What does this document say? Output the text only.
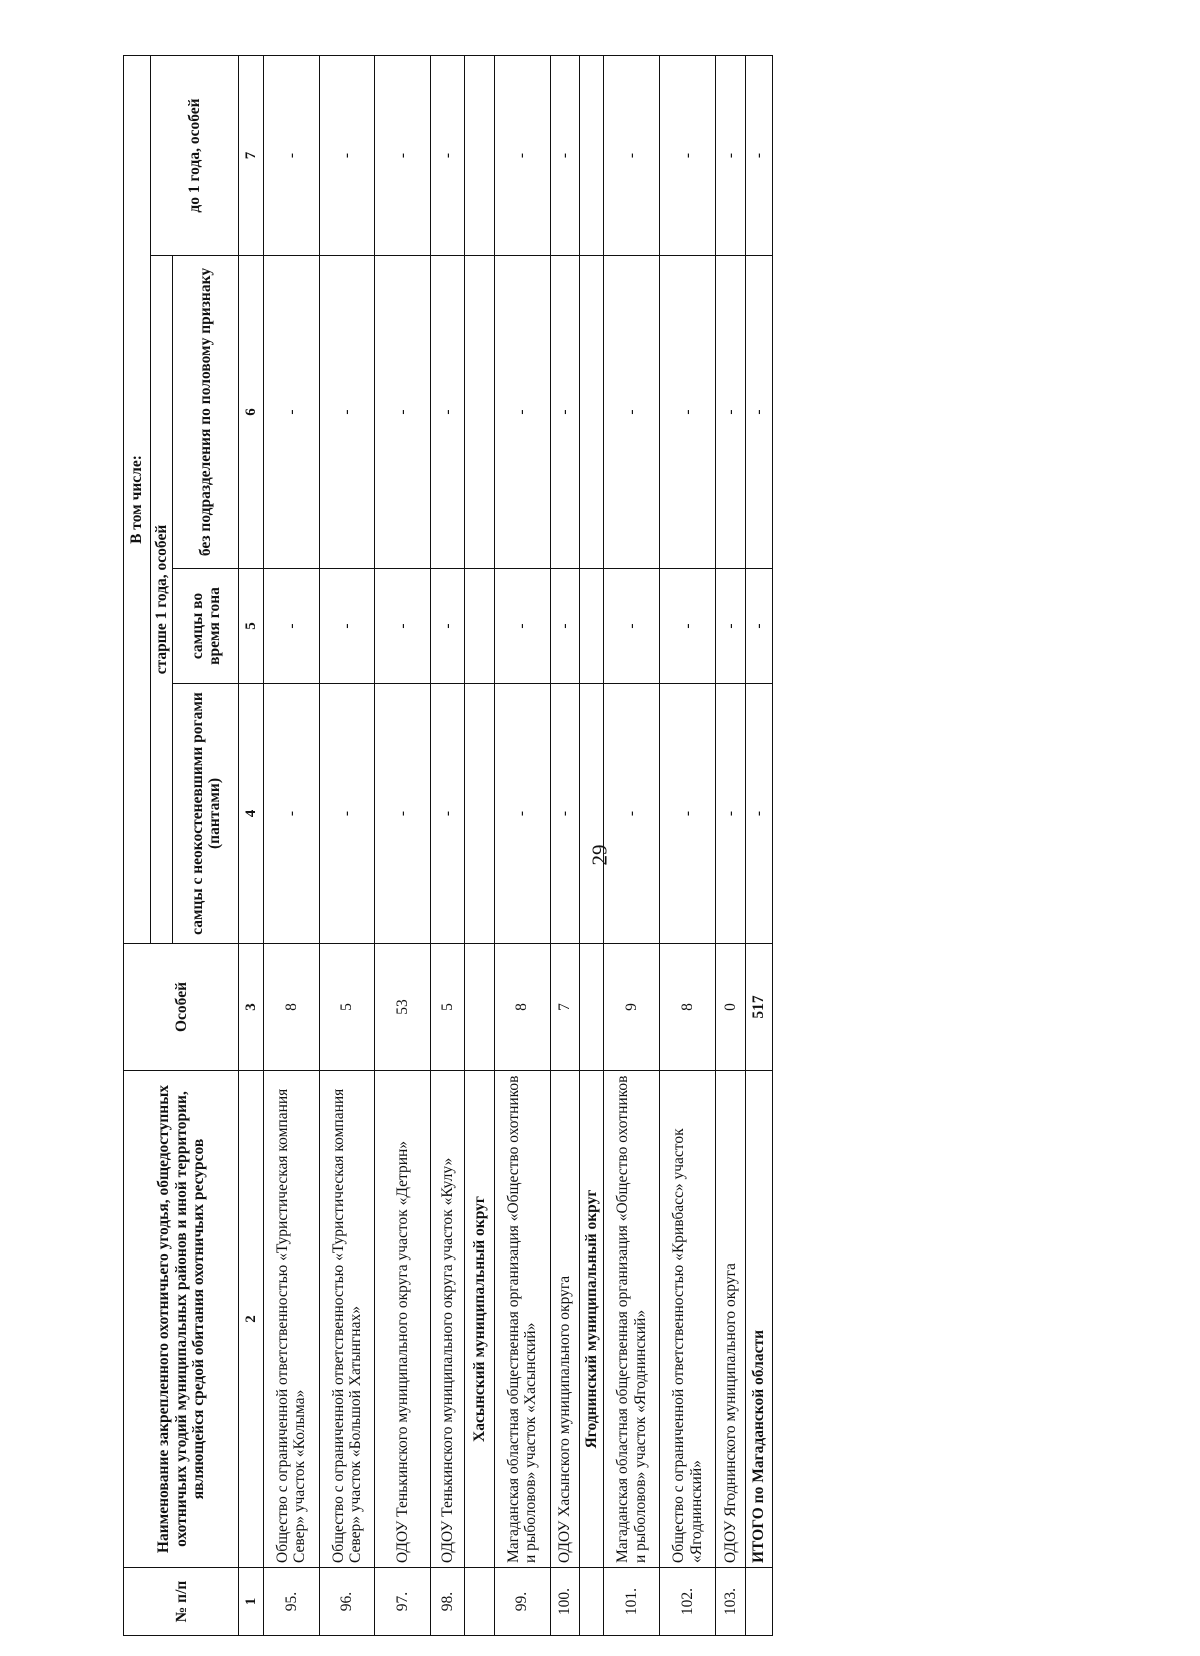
29
№ п/п	Наименование закрепленного охотничьего угодья, общедоступных охотничьих угодий муниципальных районов и иной территории, являющейся средой обитания охотничьих ресурсов	Особей	В том числе:			
			старше 1 года, особей			до 1 года, особей
			самцы с неокостеневшими рогами (пантами)	самцы во время гона	без подразделения по половому признаку	
1	2	3	4	5	6	7
95.	Общество с ограниченной ответственностью «Туристическая компания Север» участок «Колыма»	8	-	-	-	-
96.	Общество с ограниченной ответственностью «Туристическая компания Север» участок «Большой Хатынгнах»	5	-	-	-	-
97.	ОДОУ Тенькинского муниципального округа участок «Детрин»	53	-	-	-	-
98.	ОДОУ Тенькинского муниципального округа участок «Кулу»	5	-	-	-	-
	Хасынский муниципальный округ					
99.	Магаданская областная общественная организация «Общество охотников и рыболовов» участок «Хасынский»	8	-	-	-	-
100.	ОДОУ Хасынского муниципального округа	7	-	-	-	-
	Ягоднинский муниципальный округ					
101.	Магаданская областная общественная организация «Общество охотников и рыболовов» участок «Ягоднинский»	9	-	-	-	-
102.	Общество с ограниченной ответственностью «Кривбасс» участок «Ягоднинский»	8	-	-	-	-
103.	ОДОУ Ягоднинского муниципального округа	0	-	-	-	-
	ИТОГО по Магаданской области	517	-	-	-	-
